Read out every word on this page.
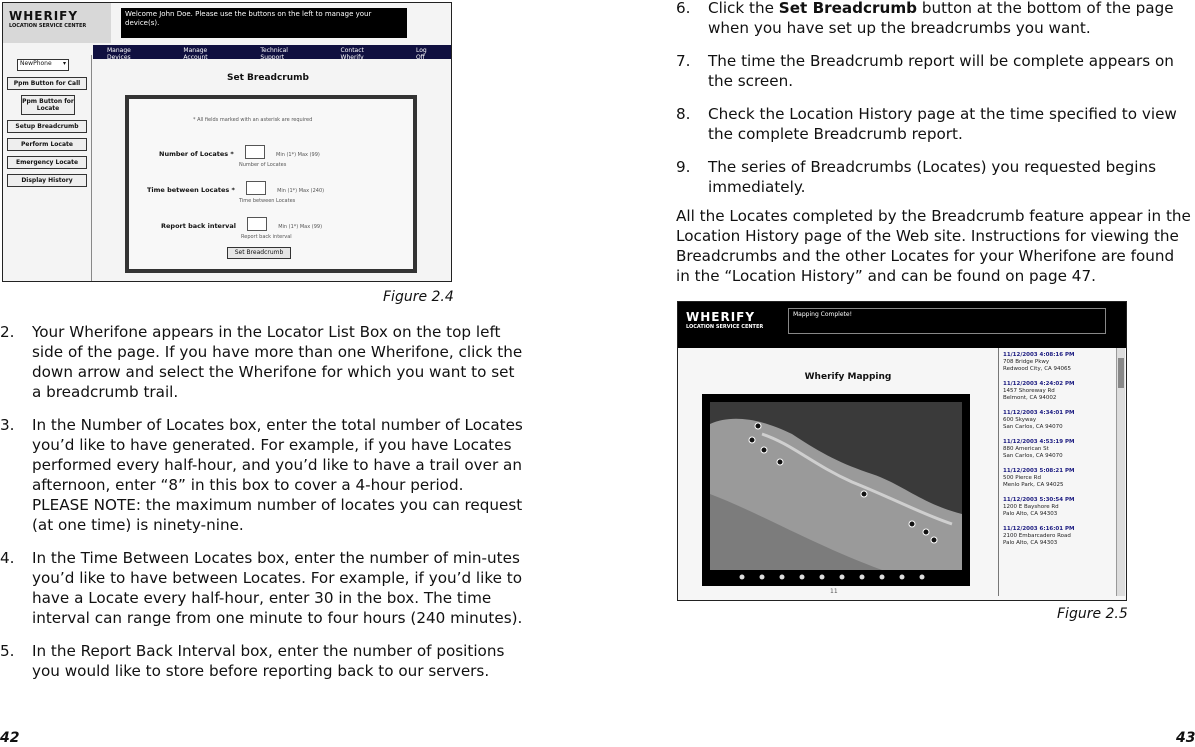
WHERIFY
LOCATION SERVICE CENTER
Welcome John Doe. Please use the buttons on the left to manage your device(s).
Manage Devices
Manage Account
Technical Support
Contact Wherify
Log Off
NewPhone ▾
Ppm Button for Call
Ppm Button for Locate
Setup Breadcrumb
Perform Locate
Emergency Locate
Display History
Set Breadcrumb
* All fields marked with an asterisk are required
Number of Locates *	Min (1*) Max (99)
Number of Locates
Time between Locates *	Min (1*) Max (240)
Time between Locates
Report back interval	Min (1*) Max (99)
Report back interval
Set Breadcrumb
Figure 2.4
2. Your Wherifone appears in the Locator List Box on the top left side of the page. If you have more than one Wherifone, click the down arrow and select the Wherifone for which you want to set a breadcrumb trail.
3. In the Number of Locates box, enter the total number of Locates you’d like to have generated. For example, if you have Locates performed every half-hour, and you’d like to have a trail over an afternoon, enter “8” in this box to cover a 4-hour period. PLEASE NOTE: the maximum number of locates you can request (at one time) is ninety-nine.
4. In the Time Between Locates box, enter the number of min-utes you’d like to have between Locates. For example, if you’d like to have a Locate every half-hour, enter 30 in the box. The time interval can range from one minute to four hours (240 minutes).
5. In the Report Back Interval box, enter the number of positions you would like to store before reporting back to our servers.
42
6. Click the Set Breadcrumb button at the bottom of the page when you have set up the breadcrumbs you want.
7. The time the Breadcrumb report will be complete appears on the screen.
8. Check the Location History page at the time specified to view the complete Breadcrumb report.
9. The series of Breadcrumbs (Locates) you requested begins immediately.
All the Locates completed by the Breadcrumb feature appear in the Location History page of the Web site. Instructions for viewing the Breadcrumbs and the other Locates for your Wherifone are found in the “Location History” and can be found on page 47.
WHERIFY
LOCATION SERVICE CENTER
Mapping Complete!
Wherify Mapping
11
11/12/2003 4:08:16 PM
708 Bridge Pkwy
Redwood City, CA 94065
11/12/2003 4:24:02 PM
1457 Shoreway Rd
Belmont, CA 94002
11/12/2003 4:34:01 PM
600 Skyway
San Carlos, CA 94070
11/12/2003 4:53:19 PM
880 American St
San Carlos, CA 94070
11/12/2003 5:08:21 PM
500 Pierce Rd
Menlo Park, CA 94025
11/12/2003 5:30:54 PM
1200 E Bayshore Rd
Palo Alto, CA 94303
11/12/2003 6:16:01 PM
2100 Embarcadero Road
Palo Alto, CA 94303
Figure 2.5
43
